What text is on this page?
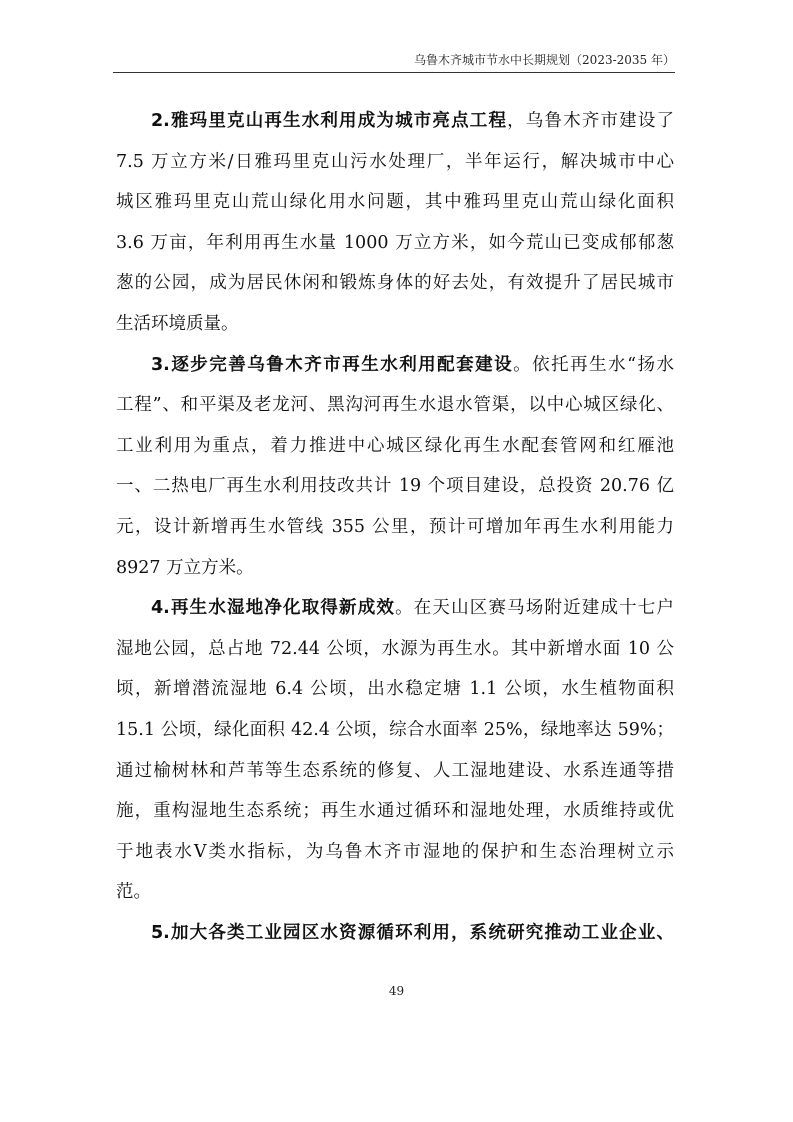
乌鲁木齐城市节水中长期规划（2023-2035 年）
2.雅玛里克山再生水利用成为城市亮点工程，乌鲁木齐市建设了
7.5 万立方米/日雅玛里克山污水处理厂，半年运行，解决城市中心
城区雅玛里克山荒山绿化用水问题，其中雅玛里克山荒山绿化面积
3.6 万亩，年利用再生水量 1000 万立方米，如今荒山已变成郁郁葱
葱的公园，成为居民休闲和锻炼身体的好去处，有效提升了居民城市
生活环境质量。
3.逐步完善乌鲁木齐市再生水利用配套建设。依托再生水“扬水
工程”、和平渠及老龙河、黑沟河再生水退水管渠，以中心城区绿化、
工业利用为重点，着力推进中心城区绿化再生水配套管网和红雁池
一、二热电厂再生水利用技改共计 19 个项目建设，总投资 20.76 亿
元，设计新增再生水管线 355 公里，预计可增加年再生水利用能力
8927 万立方米。
4.再生水湿地净化取得新成效。在天山区赛马场附近建成十七户
湿地公园，总占地 72.44 公顷，水源为再生水。其中新增水面 10 公
顷，新增潜流湿地 6.4 公顷，出水稳定塘 1.1 公顷，水生植物面积
15.1 公顷，绿化面积 42.4 公顷，综合水面率 25%，绿地率达 59%；
通过榆树林和芦苇等生态系统的修复、人工湿地建设、水系连通等措
施，重构湿地生态系统；再生水通过循环和湿地处理，水质维持或优
于地表水Ⅴ类水指标，为乌鲁木齐市湿地的保护和生态治理树立示
范。
5.加大各类工业园区水资源循环利用，系统研究推动工业企业、
49
